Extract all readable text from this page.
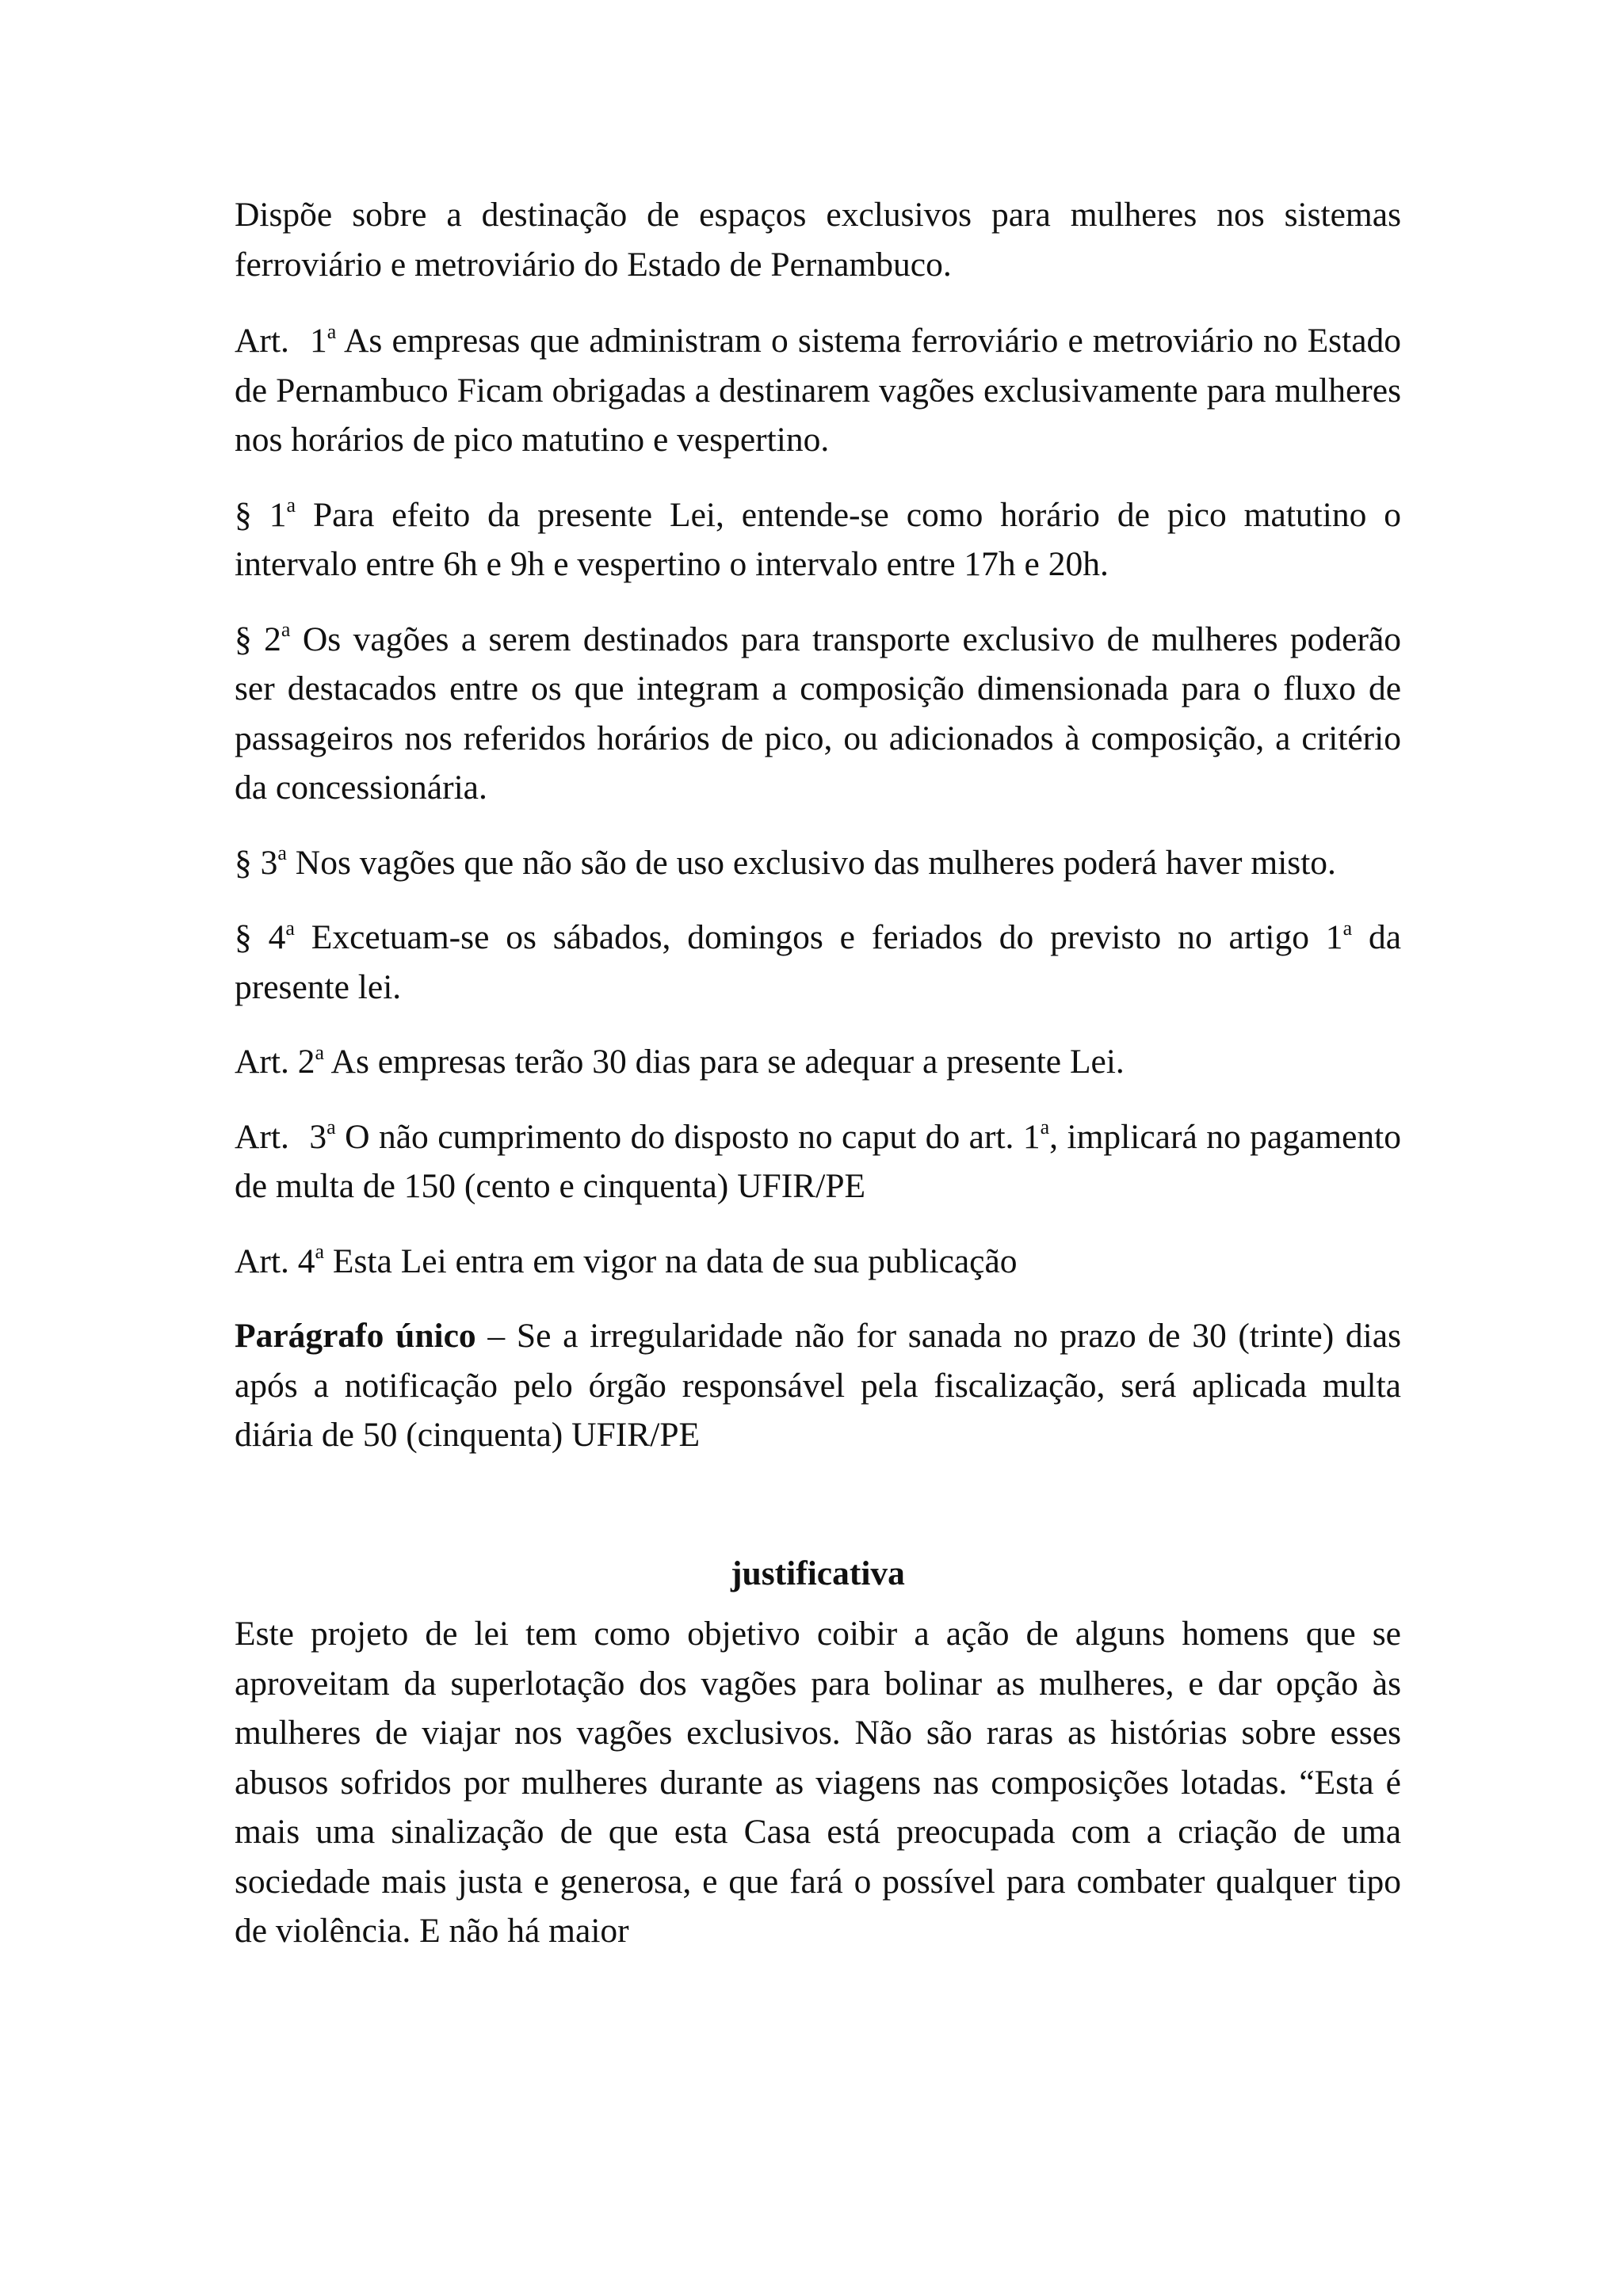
Dispõe sobre a destinação de espaços exclusivos para mulheres nos sistemas ferroviário e metroviário do Estado de Pernambuco.

Art. 1$^a$ As empresas que administram o sistema ferroviário e metroviário no Estado de Pernambuco Ficam obrigadas a destinarem vagões exclusivamente para mulheres nos horários de pico matutino e vespertino.

§ 1$^a$ Para efeito da presente Lei, entende-se como horário de pico matutino o intervalo entre 6h e 9h e vespertino o intervalo entre 17h e 20h.

§ 2$^a$ Os vagões a serem destinados para transporte exclusivo de mulheres poderão ser destacados entre os que integram a composição dimensionada para o fluxo de passageiros nos referidos horários de pico, ou adicionados à composição, a critério da concessionária.

§ 3$^a$ Nos vagões que não são de uso exclusivo das mulheres poderá haver misto.

§ 4$^a$ Excetuam-se os sábados, domingos e feriados do previsto no artigo 1$^a$ da presente lei.

Art. 2$^a$ As empresas terão 30 dias para se adequar a presente Lei.

Art. 3$^a$ O não cumprimento do disposto no caput do art. 1$^a$, implicará no pagamento de multa de 150 (cento e cinquenta) UFIR/PE

Art. 4$^a$ Esta Lei entra em vigor na data de sua publicação

Parágrafo único – Se a irregularidade não for sanada no prazo de 30 (trinte) dias após a notificação pelo órgão responsável pela fiscalização, será aplicada multa diária de 50 (cinquenta) UFIR/PE

justificativa

Este projeto de lei tem como objetivo coibir a ação de alguns homens que se aproveitam da superlotação dos vagões para bolinar as mulheres, e dar opção às mulheres de viajar nos vagões exclusivos. Não são raras as histórias sobre esses abusos sofridos por mulheres durante as viagens nas composições lotadas. “Esta é mais uma sinalização de que esta Casa está preocupada com a criação de uma sociedade mais justa e generosa, e que fará o possível para combater qualquer tipo de violência. E não há maior
